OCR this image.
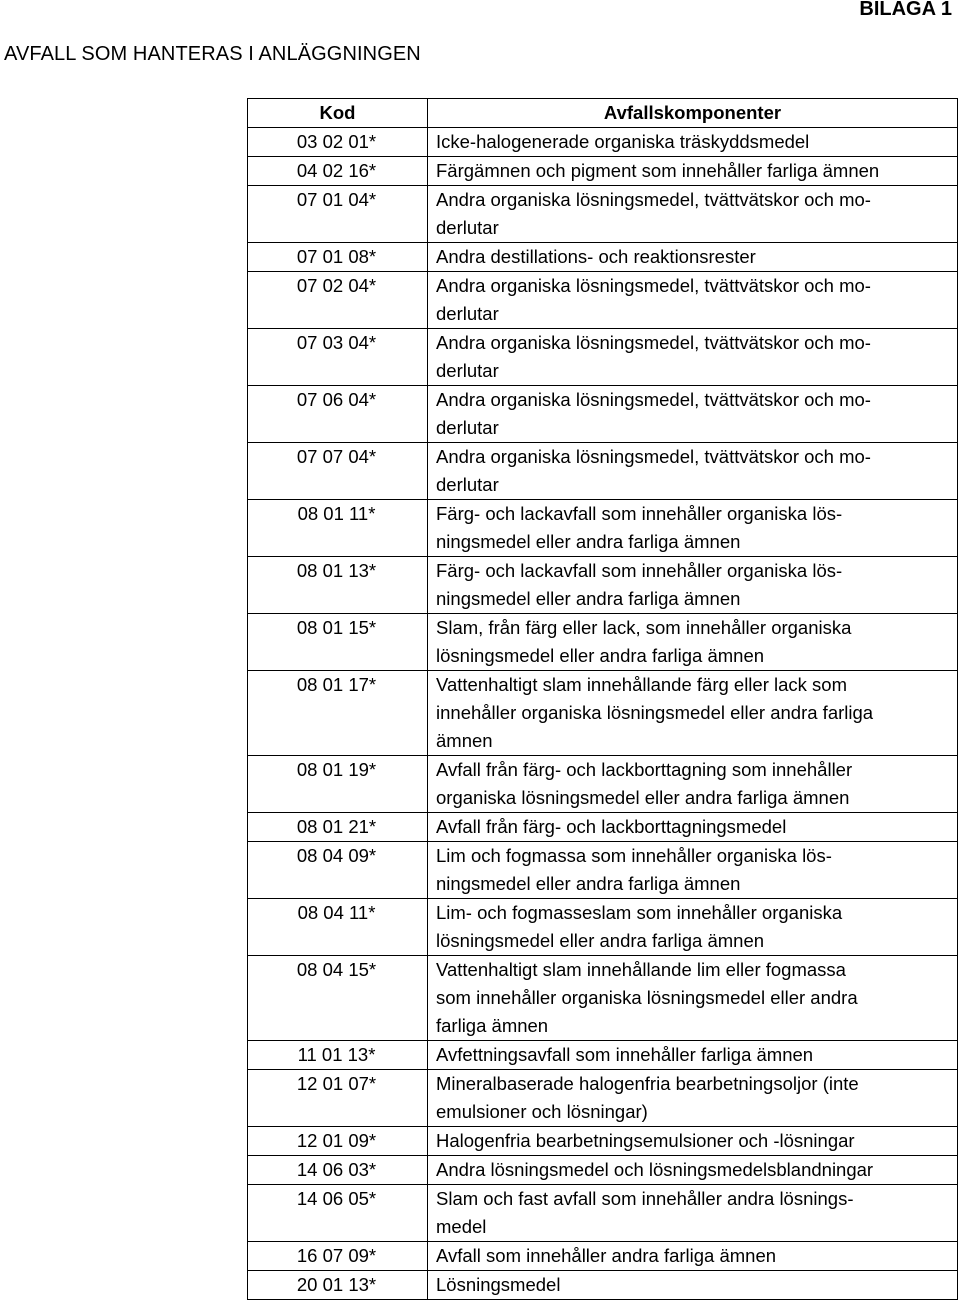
BILAGA 1
AVFALL SOM HANTERAS I ANLÄGGNINGEN
Kod	Avfallskomponenter
03 02 01*	Icke-halogenerade organiska träskyddsmedel

04 02 16*	Färgämnen och pigment som innehåller farliga ämnen

07 01 04*	Andra organiska lösningsmedel, tvättvätskor och mo-
derlutar

07 01 08*	Andra destillations- och reaktionsrester

07 02 04*	Andra organiska lösningsmedel, tvättvätskor och mo-
derlutar

07 03 04*	Andra organiska lösningsmedel, tvättvätskor och mo-
derlutar

07 06 04*	Andra organiska lösningsmedel, tvättvätskor och mo-
derlutar

07 07 04*	Andra organiska lösningsmedel, tvättvätskor och mo-
derlutar

08 01 11*	Färg- och lackavfall som innehåller organiska lös-
ningsmedel eller andra farliga ämnen

08 01 13*	Färg- och lackavfall som innehåller organiska lös-
ningsmedel eller andra farliga ämnen

08 01 15*	Slam, från färg eller lack, som innehåller organiska
lösningsmedel eller andra farliga ämnen

08 01 17*	Vattenhaltigt slam innehållande färg eller lack som
innehåller organiska lösningsmedel eller andra farliga
ämnen

08 01 19*	Avfall från färg- och lackborttagning som innehåller
organiska lösningsmedel eller andra farliga ämnen

08 01 21*	Avfall från färg- och lackborttagningsmedel

08 04 09*	Lim och fogmassa som innehåller organiska lös-
ningsmedel eller andra farliga ämnen

08 04 11*	Lim- och fogmasseslam som innehåller organiska
lösningsmedel eller andra farliga ämnen

08 04 15*	Vattenhaltigt slam innehållande lim eller fogmassa
som innehåller organiska lösningsmedel eller andra
farliga ämnen

11 01 13*	Avfettningsavfall som innehåller farliga ämnen

12 01 07*	Mineralbaserade halogenfria bearbetningsoljor (inte
emulsioner och lösningar)

12 01 09*	Halogenfria bearbetningsemulsioner och -lösningar

14 06 03*	Andra lösningsmedel och lösningsmedelsblandningar

14 06 05*	Slam och fast avfall som innehåller andra lösnings-
medel

16 07 09*	Avfall som innehåller andra farliga ämnen

20 01 13*	Lösningsmedel
